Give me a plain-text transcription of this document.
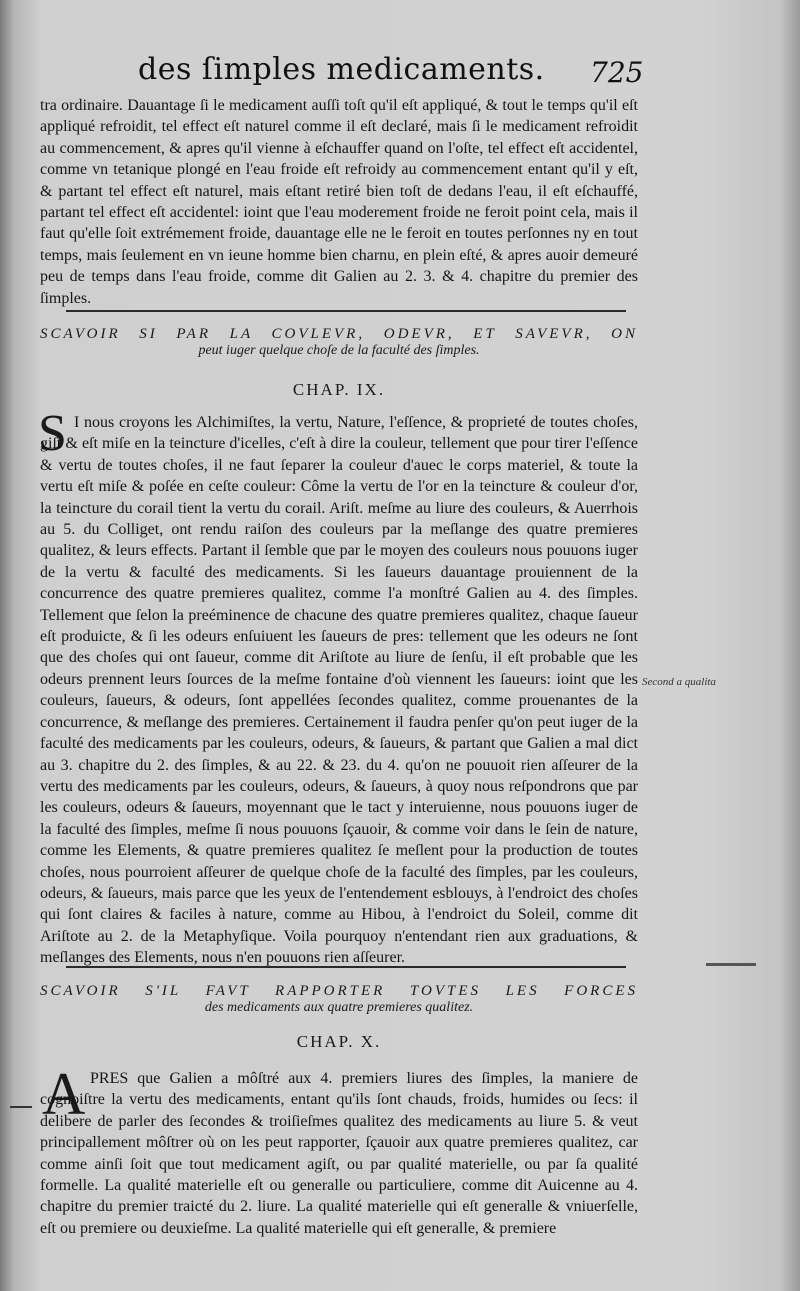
des ſimples medicaments.	725

tra ordinaire. Dauantage ſi le medicament auſſi toſt qu'il eſt appliqué, & tout le temps qu'il eſt appliqué refroidit, tel effect eſt naturel comme il eſt declaré, mais ſi le medicament refroidit au commencement, & apres qu'il vienne à eſchauffer quand on l'oſte, tel effect eſt accidentel, comme vn tetanique plongé en l'eau froide eſt refroidy au commencement entant qu'il y eſt, & partant tel effect eſt naturel, mais eſtant retiré bien toſt de dedans l'eau, il eſt eſchauffé, partant tel effect eſt accidentel: ioint que l'eau moderement froide ne feroit point cela, mais il faut qu'elle ſoit extrémement froide, dauantage elle ne le feroit en toutes perſonnes ny en tout temps, mais ſeulement en vn ieune homme bien charnu, en plein eſté, & apres auoir demeuré peu de temps dans l'eau froide, comme dit Galien au 2. 3. & 4. chapitre du premier des ſimples.

SCAVOIR SI PAR LA COVLEVR, ODEVR, ET SAVEVR, ON
peut iuger quelque choſe de la faculté des ſimples.
CHAP. IX.
S I nous croyons les Alchimiſtes, la vertu, Nature, l'eſſence, & proprieté de toutes choſes, giſt & eſt miſe en la teincture d'icelles, c'eſt à dire la couleur, tellement que pour tirer l'eſſence & vertu de toutes choſes, il ne faut ſeparer la couleur d'auec le corps materiel, & toute la vertu eſt miſe & poſée en ceſte couleur: Côme la vertu de l'or en la teincture & couleur d'or, la teincture du corail tient la vertu du corail. Ariſt. meſme au liure des couleurs, & Auerrhois au 5. du Colliget, ont rendu raiſon des couleurs par la meſlange des quatre premieres qualitez, & leurs effects. Partant il ſemble que par le moyen des couleurs nous pouuons iuger de la vertu & faculté des medicaments. Si les ſaueurs dauantage prouiennent de la concurrence des quatre premieres qualitez, comme l'a monſtré Galien au 4. des ſimples. Tellement que ſelon la preéminence de chacune des quatre premieres qualitez, chaque ſaueur eſt produicte, & ſi les odeurs enſuiuent les ſaueurs de pres: tellement que les odeurs ne ſont que des choſes qui ont ſaueur, comme dit Ariſtote au liure de ſenſu, il eſt probable que les odeurs prennent leurs ſources de la meſme fontaine d'où viennent les ſaueurs: ioint que les couleurs, ſaueurs, & odeurs, ſont appellées ſecondes qualitez, comme prouenantes de la concurrence, & meſlange des premieres. Certainement il faudra penſer qu'on peut iuger de la faculté des medicaments par les couleurs, odeurs, & ſaueurs, & partant que Galien a mal dict au 3. chapitre du 2. des ſimples, & au 22. & 23. du 4. qu'on ne pouuoit rien aſſeurer de la vertu des medicaments par les couleurs, odeurs, & ſaueurs, à quoy nous reſpondrons que par les couleurs, odeurs & ſaueurs, moyennant que le tact y interuienne, nous pouuons iuger de la faculté des ſimples, meſme ſi nous pouuons ſçauoir, & comme voir dans le ſein de nature, comme les Elements, & quatre premieres qualitez ſe meſlent pour la production de toutes choſes, nous pourroient aſſeurer de quelque choſe de la faculté des ſimples, par les couleurs, odeurs, & ſaueurs, mais parce que les yeux de l'entendement esblouys, à l'endroict des choſes qui ſont claires & faciles à nature, comme au Hibou, à l'endroict du Soleil, comme dit Ariſtote au 2. de la Metaphyſique. Voila pourquoy n'entendant rien aux graduations, & meſlanges des Elements, nous n'en pouuons rien aſſeurer.

Second a qualita
SCAVOIR S'IL FAVT RAPPORTER TOVTES LES FORCES
des medicaments aux quatre premieres qualitez.
CHAP. X.
A PRES que Galien a môſtré aux 4. premiers liures des ſimples, la maniere de cognoiſtre la vertu des medicaments, entant qu'ils ſont chauds, froids, humides ou ſecs: il delibere de parler des ſecondes & troiſieſmes qualitez des medicaments au liure 5. & veut principallement môſtrer où on les peut rapporter, ſçauoir aux quatre premieres qualitez, car comme ainſi ſoit que tout medicament agiſt, ou par qualité materielle, ou par ſa qualité formelle. La qualité materielle eſt ou generalle ou particuliere, comme dit Auicenne au 4. chapitre du premier traicté du 2. liure. La qualité materielle qui eſt generalle & vniuerſelle, eſt ou premiere ou deuxieſme. La qualité materielle qui eſt generalle, & premiere
